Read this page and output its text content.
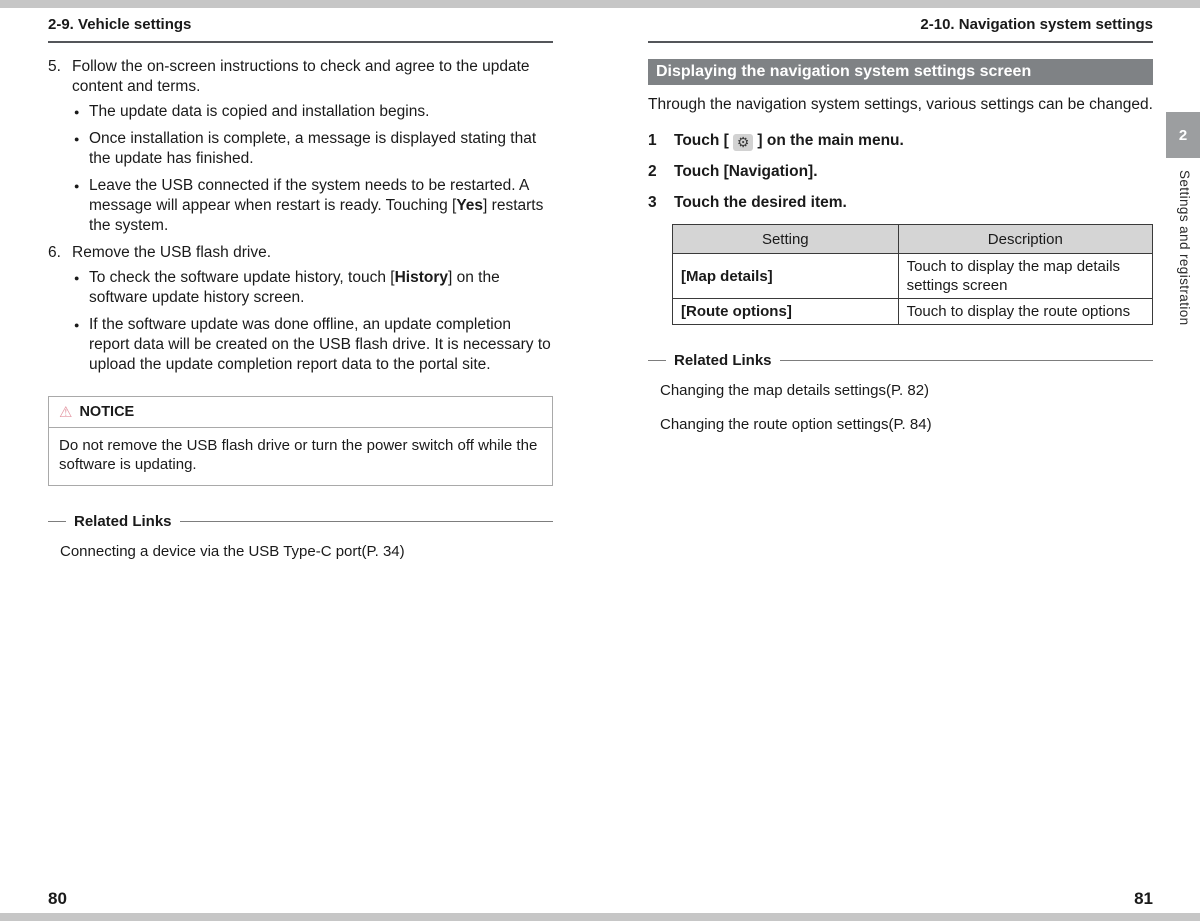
2-9. Vehicle settings
5. Follow the on-screen instructions to check and agree to the update content and terms.
● The update data is copied and installation begins.
● Once installation is complete, a message is displayed stating that the update has finished.
● Leave the USB connected if the system needs to be restarted. A message will appear when restart is ready. Touching [Yes] restarts the system.
6. Remove the USB flash drive.
● To check the software update history, touch [History] on the software update history screen.
● If the software update was done offline, an update completion report data will be created on the USB flash drive. It is necessary to upload the update completion report data to the portal site.
⚠ NOTICE
Do not remove the USB flash drive or turn the power switch off while the software is updating.
Related Links
Connecting a device via the USB Type-C port(P. 34)
2-10. Navigation system settings
Displaying the navigation system settings screen
Through the navigation system settings, various settings can be changed.
1	Touch [ ⚙ ] on the main menu.
2	Touch [Navigation].
3	Touch the desired item.
Setting	Description
[Map details]	Touch to display the map details settings screen
[Route options]	Touch to display the route options
Related Links
Changing the map details settings(P. 82)
Changing the route option settings(P. 84)
2
Settings and registration
80	81
